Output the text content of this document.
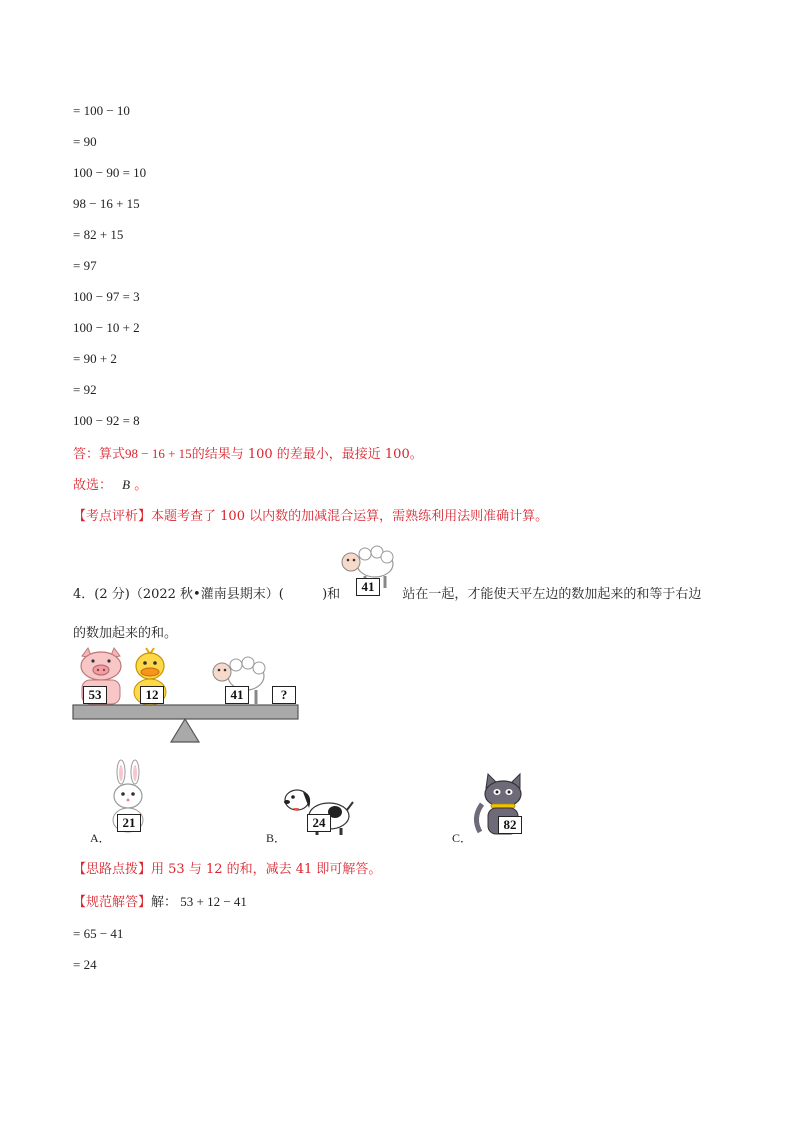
= 100 − 10
= 90
100 − 90 = 10
98 − 16 + 15
= 82 + 15
= 97
100 − 97 = 3
100 − 10 + 2
= 90 + 2
= 92
100 − 92 = 8
答：算式98 − 16 + 15的结果与 100 的差最小，最接近 100。
故选： B 。
【考点评析】本题考查了 100 以内数的加减混合运算，需熟练利用法则准确计算。
4．(2 分)（2022 秋•灌南县期末）(	)和	站在一起，才能使天平左边的数加起来的和等于右边
的数加起来的和。
41
53	12	41	?
A．
21
B．
24
C．
82
【思路点拨】用 53 与 12 的和，减去 41 即可解答。
【规范解答】解： 53 + 12 − 41
= 65 − 41
= 24
